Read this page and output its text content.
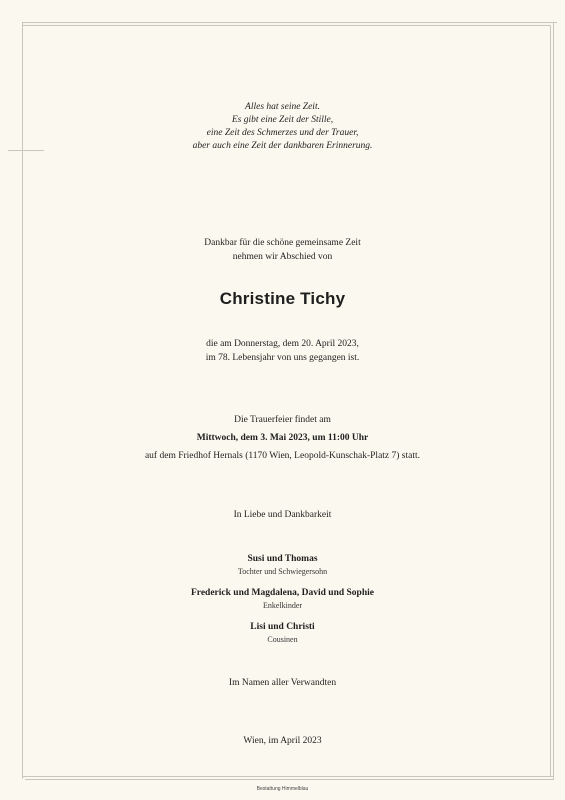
Alles hat seine Zeit.
Es gibt eine Zeit der Stille,
eine Zeit des Schmerzes und der Trauer,
aber auch eine Zeit der dankbaren Erinnerung.
Dankbar für die schöne gemeinsame Zeit
nehmen wir Abschied von
Christine Tichy
die am Donnerstag, dem 20. April 2023,
im 78. Lebensjahr von uns gegangen ist.
Die Trauerfeier findet am
Mittwoch, dem 3. Mai 2023, um 11:00 Uhr
auf dem Friedhof Hernals (1170 Wien, Leopold-Kunschak-Platz 7) statt.
In Liebe und Dankbarkeit
Susi und Thomas
Tochter und Schwiegersohn
Frederick und Magdalena, David und Sophie
Enkelkinder
Lisi und Christi
Cousinen
Im Namen aller Verwandten
Wien, im April 2023
Bestattung Himmelblau
